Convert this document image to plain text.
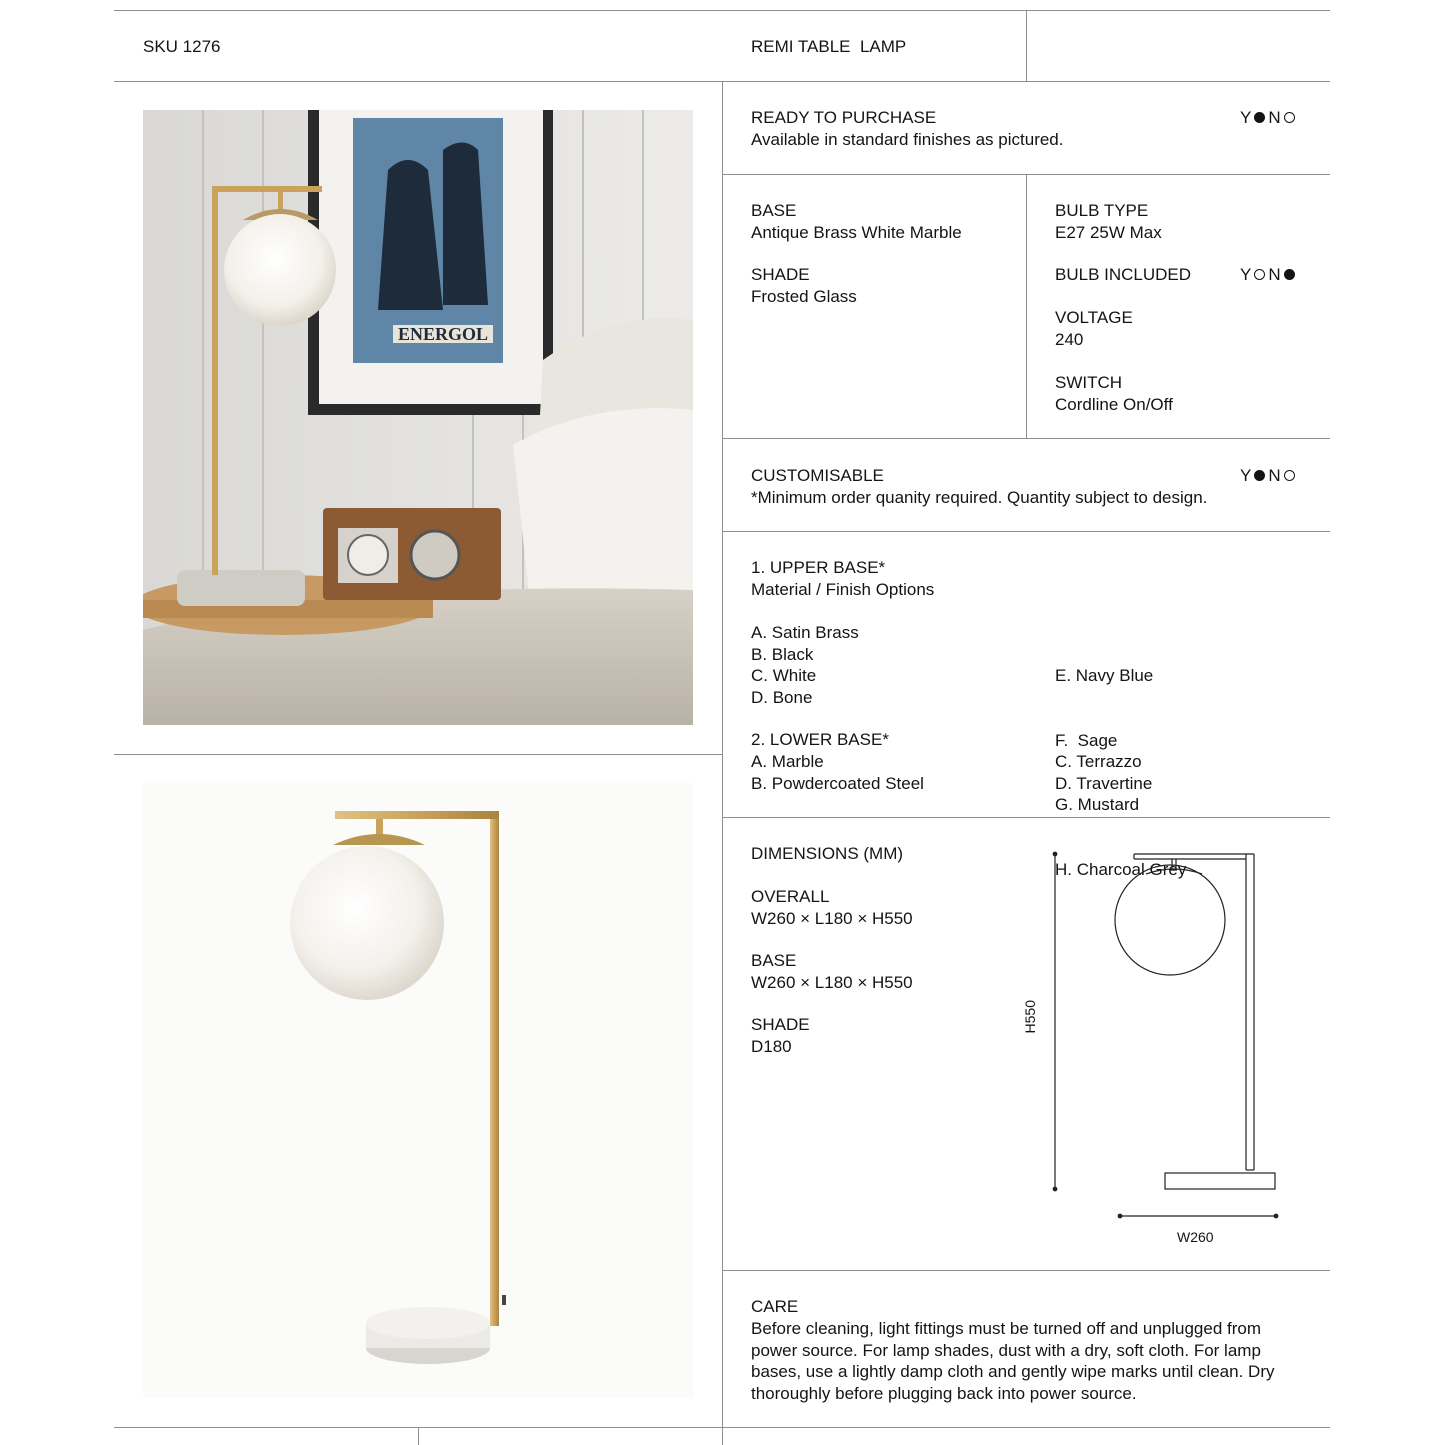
SKU 1276	REMI TABLE  LAMP
ENERGOL
READY TO PURCHASE
Available in standard finishes as pictured.
Y N
BASE
Antique Brass White Marble
SHADE
Frosted Glass
BULB TYPE
E27 25W Max
BULB INCLUDED	Y N
VOLTAGE
240
SWITCH
Cordline On/Off
CUSTOMISABLE
*Minimum order quanity required. Quantity subject to design.
Y N
1. UPPER BASE*
Material / Finish Options
A. Satin Brass
B. Black
C. White
D. Bone

E. Navy Blue

F.  Sage

G. Mustard

H. Charcoal Grey

2. LOWER BASE*
A. Marble
B. Powdercoated Steel
C. Terrazzo
D. Travertine
DIMENSIONS (MM)
OVERALL
W260 × L180 × H550
BASE
W260 × L180 × H550
SHADE
D180
H550
W260
CARE
Before cleaning, light fittings must be turned off and unplugged from power source. For lamp shades, dust with a dry, soft cloth. For lamp bases, use a lightly damp cloth and gently wipe marks until clean. Dry thoroughly before plugging back into power source.
